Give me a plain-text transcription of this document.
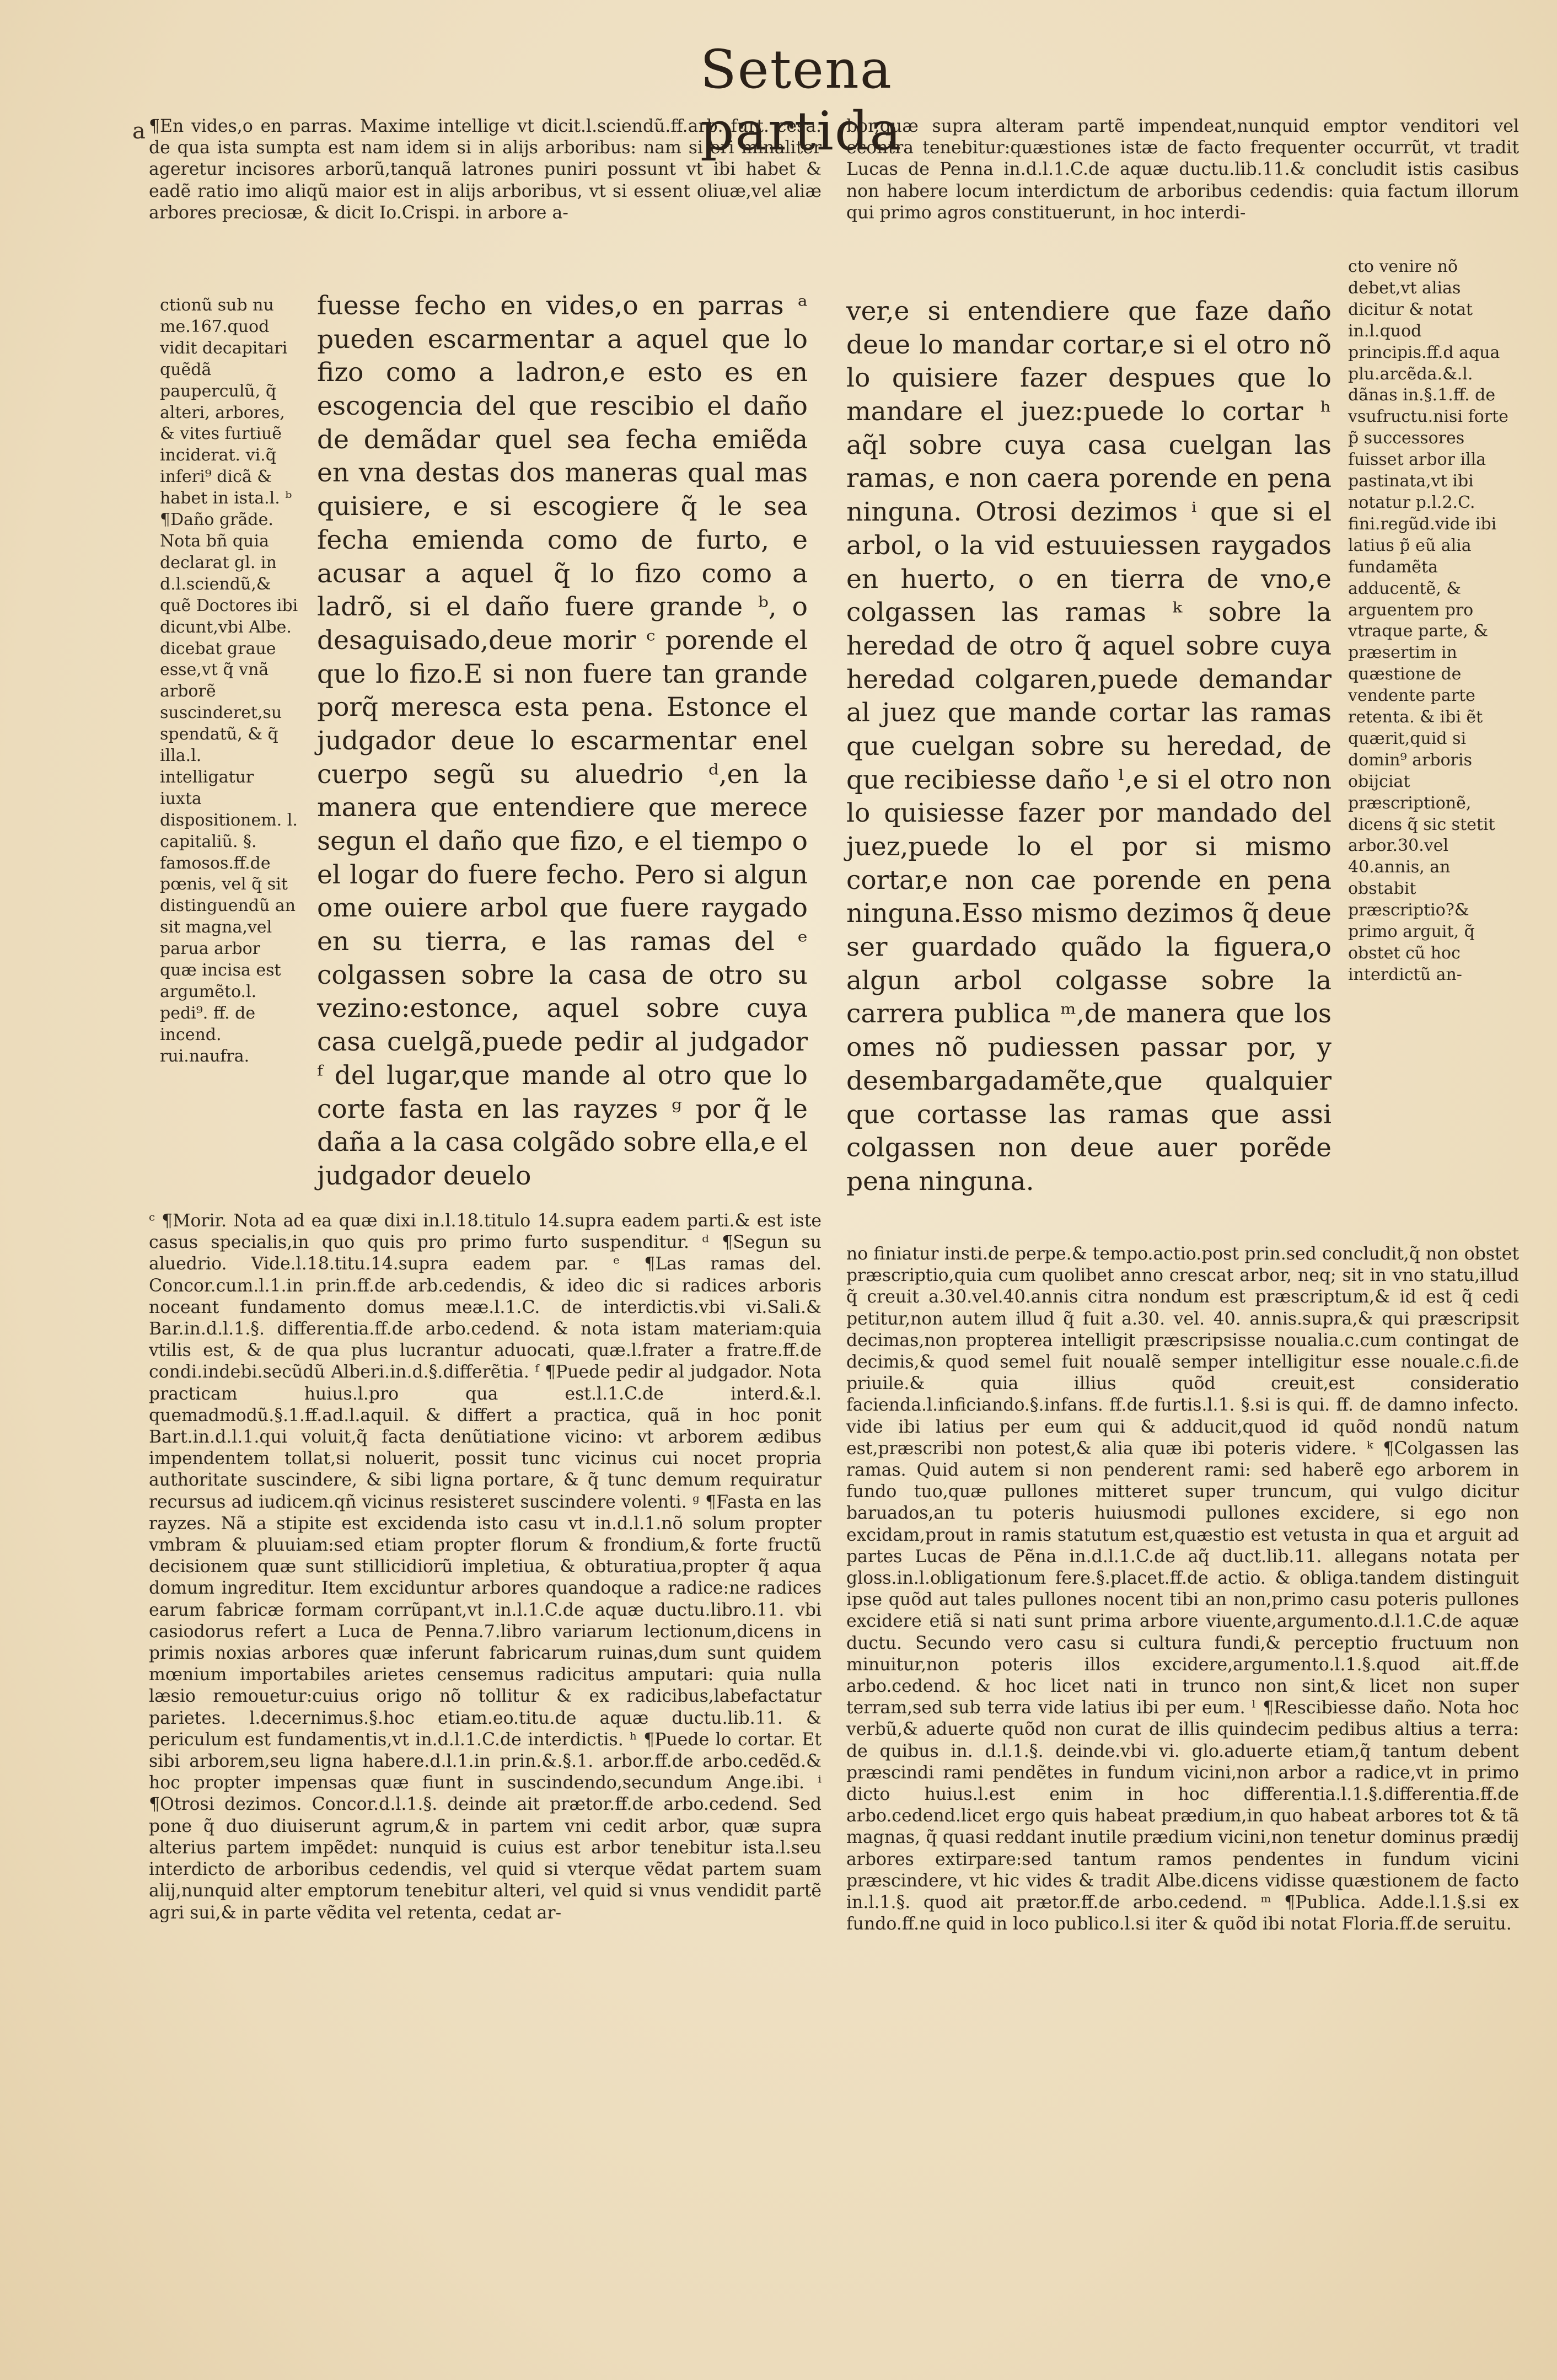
Setena partida
a ¶En vides,o en parras. Maxime intellige vt dicit.l.sciendũ.ff.arb. furt. cesa. de qua ista sumpta est nam idem si in alijs arboribus: nam si eri minaliter ageretur incisores arborũ,tanquã latrones puniri possunt vt ibi habet & eadẽ ratio imo aliqũ maior est in alijs arboribus, vt si essent oliuæ,vel aliæ arbores preciosæ, & dicit Io.Crispi. in arbore a-

ctionũ sub nu me.167.quod vidit decapitari quẽdã pauperculũ, q̃ alteri, arbores, & vites furtiuẽ inciderat. vi.q̃ inferi⁹ dicã & habet in ista.l. ᵇ ¶Daño grãde. Nota bñ quia declarat gl. in d.l.sciendũ,& quẽ Doctores ibi dicunt,vbi Albe. dicebat graue esse,vt q̃ vnã arborẽ suscinderet,su spendatũ, & q̃ illa.l. intelligatur iuxta dispositionem. l. capitaliũ. §. famosos.ff.de pœnis, vel q̃ sit distinguendũ an sit magna,vel parua arbor quæ incisa est argumẽto.l. pedi⁹. ff. de incend. rui.naufra.

fuesse fecho en vides,o en parras ᵃ pueden escarmentar a aquel que lo fizo como a ladron,e esto es en escogencia del que rescibio el daño de demãdar quel sea fecha emiẽda en vna destas dos maneras qual mas quisiere, e si escogiere q̃ le sea fecha emienda como de furto, e acusar a aquel q̃ lo fizo como a ladrõ, si el daño fuere grande ᵇ, o desaguisado,deue morir ᶜ porende el que lo fizo.E si non fuere tan grande porq̃ meresca esta pena. Estonce el judgador deue lo escarmentar enel cuerpo segũ su aluedrio ᵈ,en la manera que entendiere que merece segun el daño que fizo, e el tiempo o el logar do fuere fecho. Pero si algun ome ouiere arbol que fuere raygado en su tierra, e las ramas del ᵉ colgassen sobre la casa de otro su vezino:estonce, aquel sobre cuya casa cuelgã,puede pedir al judgador ᶠ del lugar,que mande al otro que lo corte fasta en las rayzes ᵍ por q̃ le daña a la casa colgãdo sobre ella,e el judgador deuelo

ᶜ ¶Morir. Nota ad ea quæ dixi in.l.18.titulo 14.supra eadem parti.& est iste casus specialis,in quo quis pro primo furto suspenditur. ᵈ ¶Segun su aluedrio. Vide.l.18.titu.14.supra eadem par. ᵉ ¶Las ramas del. Concor.cum.l.1.in prin.ff.de arb.cedendis, & ideo dic si radices arboris noceant fundamento domus meæ.l.1.C. de interdictis.vbi vi.Sali.& Bar.in.d.l.1.§. differentia.ff.de arbo.cedend. & nota istam materiam:quia vtilis est, & de qua plus lucrantur aduocati, quæ.l.frater a fratre.ff.de condi.indebi.secũdũ Alberi.in.d.§.differẽtia. ᶠ ¶Puede pedir al judgador. Nota practicam huius.l.pro qua est.l.1.C.de interd.&.l. quemadmodũ.§.1.ff.ad.l.aquil. & differt a practica, quã in hoc ponit Bart.in.d.l.1.qui voluit,q̃ facta denũtiatione vicino: vt arborem ædibus impendentem tollat,si noluerit, possit tunc vicinus cui nocet propria authoritate suscindere, & sibi ligna portare, & q̃ tunc demum requiratur recursus ad iudicem.qñ vicinus resisteret suscindere volenti. ᵍ ¶Fasta en las rayzes. Nã a stipite est excidenda isto casu vt in.d.l.1.nõ solum propter vmbram & pluuiam:sed etiam propter florum & frondium,& forte fructũ decisionem quæ sunt stillicidiorũ impletiua, & obturatiua,propter q̃ aqua domum ingreditur. Item exciduntur arbores quandoque a radice:ne radices earum fabricæ formam corrũpant,vt in.l.1.C.de aquæ ductu.libro.11. vbi casiodorus refert a Luca de Penna.7.libro variarum lectionum,dicens in primis noxias arbores quæ inferunt fabricarum ruinas,dum sunt quidem mœnium importabiles arietes censemus radicitus amputari: quia nulla læsio remouetur:cuius origo nõ tollitur & ex radicibus,labefactatur parietes. l.decernimus.§.hoc etiam.eo.titu.de aquæ ductu.lib.11. & periculum est fundamentis,vt in.d.l.1.C.de interdictis. ʰ ¶Puede lo cortar. Et sibi arborem,seu ligna habere.d.l.1.in prin.&.§.1. arbor.ff.de arbo.cedẽd.& hoc propter impensas quæ fiunt in suscindendo,secundum Ange.ibi. ⁱ ¶Otrosi dezimos. Concor.d.l.1.§. deinde ait prætor.ff.de arbo.cedend. Sed pone q̃ duo diuiserunt agrum,& in partem vni cedit arbor, quæ supra alterius partem impẽdet: nunquid is cuius est arbor tenebitur ista.l.seu interdicto de arboribus cedendis, vel quid si vterque vẽdat partem suam alij,nunquid alter emptorum tenebitur alteri, vel quid si vnus vendidit partẽ agri sui,& in parte vẽdita vel retenta, cedat ar-

bor,quæ supra alteram partẽ impendeat,nunquid emptor venditori vel econtra tenebitur:quæstiones istæ de facto frequenter occurrũt, vt tradit Lucas de Penna in.d.l.1.C.de aquæ ductu.lib.11.& concludit istis casibus non habere locum interdictum de arboribus cedendis: quia factum illorum qui primo agros constituerunt, in hoc interdi-

ver,e si entendiere que faze daño deue lo mandar cortar,e si el otro nõ lo quisiere fazer despues que lo mandare el juez:puede lo cortar ʰ aq̃l sobre cuya casa cuelgan las ramas, e non caera porende en pena ninguna. Otrosi dezimos ⁱ que si el arbol, o la vid estuuiessen raygados en huerto, o en tierra de vno,e colgassen las ramas ᵏ sobre la heredad de otro q̃ aquel sobre cuya heredad colgaren,puede demandar al juez que mande cortar las ramas que cuelgan sobre su heredad, de que recibiesse daño ˡ,e si el otro non lo quisiesse fazer por mandado del juez,puede lo el por si mismo cortar,e non cae porende en pena ninguna.Esso mismo dezimos q̃ deue ser guardado quãdo la figuera,o algun arbol colgasse sobre la carrera publica ᵐ,de manera que los omes nõ pudiessen passar por, y desembargadamẽte,que qualquier que cortasse las ramas que assi colgassen non deue auer porẽde pena ninguna.

cto venire nõ debet,vt alias dicitur & notat in.l.quod principis.ff.d aqua plu.arcẽda.&.l. dãnas in.§.1.ff. de vsufructu.nisi forte p̃ successores fuisset arbor illa pastinata,vt ibi notatur p.l.2.C. fini.regũd.vide ibi latius p̃ eũ alia fundamẽta adducentẽ, & arguentem pro vtraque parte, & præsertim in quæstione de vendente parte retenta. & ibi ẽt quærit,quid si domin⁹ arboris obijciat præscriptionẽ, dicens q̃ sic stetit arbor.30.vel 40.annis, an obstabit præscriptio?& primo arguit, q̃ obstet cũ hoc interdictũ an-

no finiatur insti.de perpe.& tempo.actio.post prin.sed concludit,q̃ non obstet præscriptio,quia cum quolibet anno crescat arbor, neq; sit in vno statu,illud q̃ creuit a.30.vel.40.annis citra nondum est præscriptum,& id est q̃ cedi petitur,non autem illud q̃ fuit a.30. vel. 40. annis.supra,& qui præscripsit decimas,non propterea intelligit præscripsisse noualia.c.cum contingat de decimis,& quod semel fuit noualẽ semper intelligitur esse nouale.c.fi.de priuile.& quia illius quõd creuit,est consideratio facienda.l.inficiando.§.infans. ff.de furtis.l.1. §.si is qui. ff. de damno infecto. vide ibi latius per eum qui & adducit,quod id quõd nondũ natum est,præscribi non potest,& alia quæ ibi poteris videre. ᵏ ¶Colgassen las ramas. Quid autem si non penderent rami: sed haberẽ ego arborem in fundo tuo,quæ pullones mitteret super truncum, qui vulgo dicitur baruados,an tu poteris huiusmodi pullones excidere, si ego non excidam,prout in ramis statutum est,quæstio est vetusta in qua et arguit ad partes Lucas de Pẽna in.d.l.1.C.de aq̃ duct.lib.11. allegans notata per gloss.in.l.obligationum fere.§.placet.ff.de actio. & obliga.tandem distinguit ipse quõd aut tales pullones nocent tibi an non,primo casu poteris pullones excidere etiã si nati sunt prima arbore viuente,argumento.d.l.1.C.de aquæ ductu. Secundo vero casu si cultura fundi,& perceptio fructuum non minuitur,non poteris illos excidere,argumento.l.1.§.quod ait.ff.de arbo.cedend. & hoc licet nati in trunco non sint,& licet non super terram,sed sub terra vide latius ibi per eum. ˡ ¶Rescibiesse daño. Nota hoc verbũ,& aduerte quõd non curat de illis quindecim pedibus altius a terra: de quibus in. d.l.1.§. deinde.vbi vi. glo.aduerte etiam,q̃ tantum debent præscindi rami pendẽtes in fundum vicini,non arbor a radice,vt in primo dicto huius.l.est enim in hoc differentia.l.1.§.differentia.ff.de arbo.cedend.licet ergo quis habeat prædium,in quo habeat arbores tot & tã magnas, q̃ quasi reddant inutile prædium vicini,non tenetur dominus prædij arbores extirpare:sed tantum ramos pendentes in fundum vicini præscindere, vt hic vides & tradit Albe.dicens vidisse quæstionem de facto in.l.1.§. quod ait prætor.ff.de arbo.cedend. ᵐ ¶Publica. Adde.l.1.§.si ex fundo.ff.ne quid in loco publico.l.si iter & quõd ibi notat Floria.ff.de seruitu.
